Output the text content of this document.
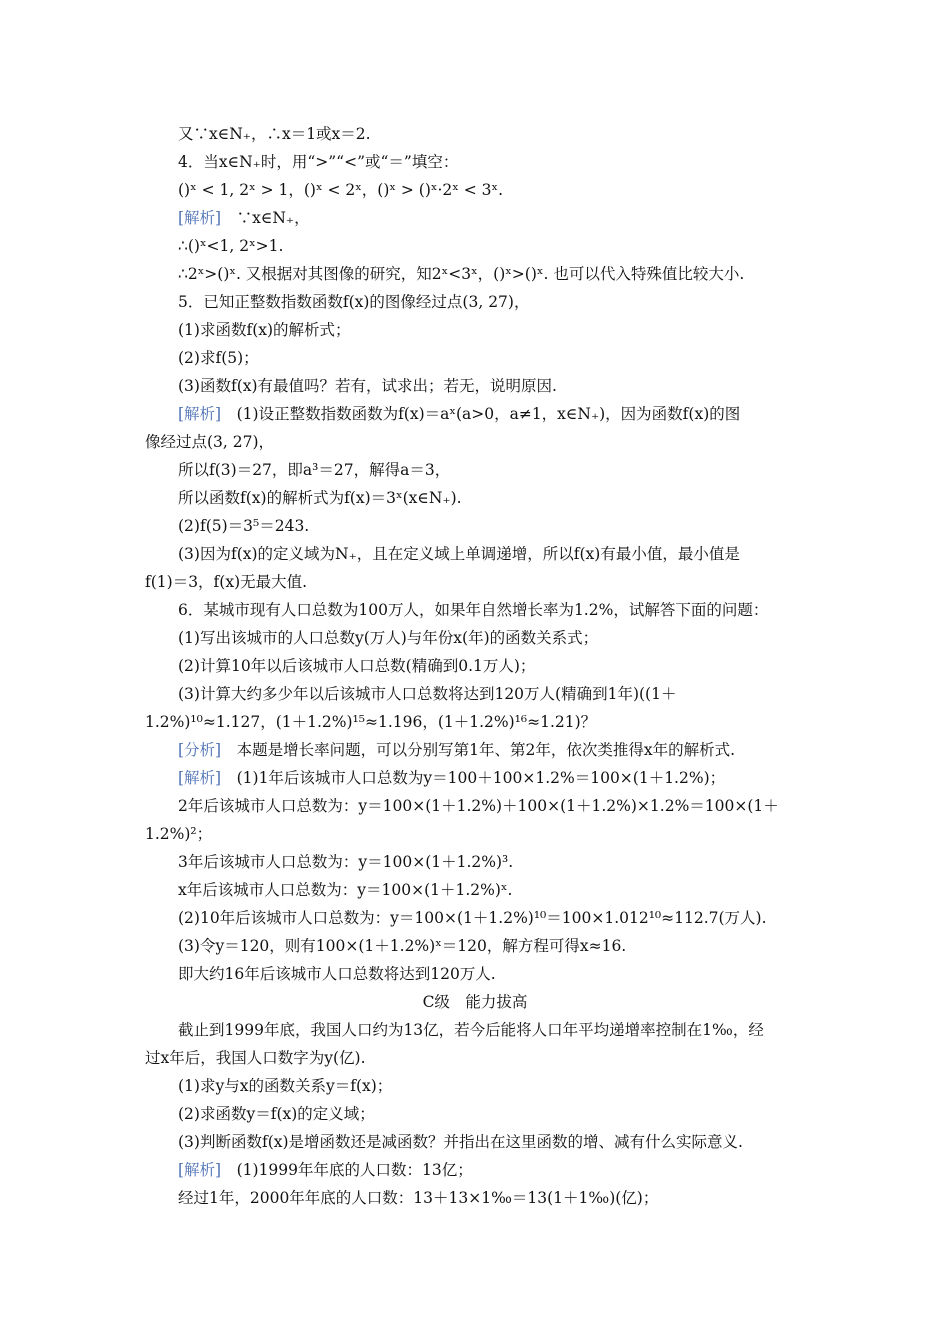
又∵x∈N₊，∴x＝1或x＝2.

4．当x∈N₊时，用“>”“<”或“＝”填空：

()ˣ < 1, 2ˣ > 1，()ˣ < 2ˣ，()ˣ > ()ˣ·2ˣ < 3ˣ.

[解析]　∵x∈N₊，

∴()ˣ<1, 2ˣ>1.

∴2ˣ>()ˣ. 又根据对其图像的研究，知2ˣ<3ˣ，()ˣ>()ˣ. 也可以代入特殊值比较大小.

5．已知正整数指数函数f(x)的图像经过点(3, 27)，

(1)求函数f(x)的解析式；

(2)求f(5)；

(3)函数f(x)有最值吗？若有，试求出；若无，说明原因.

[解析]　(1)设正整数指数函数为f(x)＝aˣ(a>0，a≠1，x∈N₊)，因为函数f(x)的图

像经过点(3, 27)，

所以f(3)＝27，即a³＝27，解得a＝3，

所以函数f(x)的解析式为f(x)＝3ˣ(x∈N₊).

(2)f(5)＝3⁵＝243.

(3)因为f(x)的定义域为N₊，且在定义域上单调递增，所以f(x)有最小值，最小值是

f(1)＝3，f(x)无最大值.

6．某城市现有人口总数为100万人，如果年自然增长率为1.2%，试解答下面的问题：

(1)写出该城市的人口总数y(万人)与年份x(年)的函数关系式；

(2)计算10年以后该城市人口总数(精确到0.1万人)；

(3)计算大约多少年以后该城市人口总数将达到120万人(精确到1年)((1＋

1.2%)¹⁰≈1.127，(1＋1.2%)¹⁵≈1.196，(1＋1.2%)¹⁶≈1.21)？

[分析]　本题是增长率问题，可以分别写第1年、第2年，依次类推得x年的解析式.

[解析]　(1)1年后该城市人口总数为y＝100＋100×1.2%＝100×(1＋1.2%)；

2年后该城市人口总数为：y＝100×(1＋1.2%)＋100×(1＋1.2%)×1.2%＝100×(1＋

1.2%)²；

3年后该城市人口总数为：y＝100×(1＋1.2%)³.

x年后该城市人口总数为：y＝100×(1＋1.2%)ˣ.

(2)10年后该城市人口总数为：y＝100×(1＋1.2%)¹⁰＝100×1.012¹⁰≈112.7(万人).

(3)令y＝120，则有100×(1＋1.2%)ˣ＝120，解方程可得x≈16.

即大约16年后该城市人口总数将达到120万人.

C级　能力拔高

截止到1999年底，我国人口约为13亿，若今后能将人口年平均递增率控制在1‰，经

过x年后，我国人口数字为y(亿).

(1)求y与x的函数关系y＝f(x)；

(2)求函数y＝f(x)的定义域；

(3)判断函数f(x)是增函数还是减函数？并指出在这里函数的增、减有什么实际意义.

[解析]　(1)1999年年底的人口数：13亿；

经过1年，2000年年底的人口数：13＋13×1‰＝13(1＋1‰)(亿)；
